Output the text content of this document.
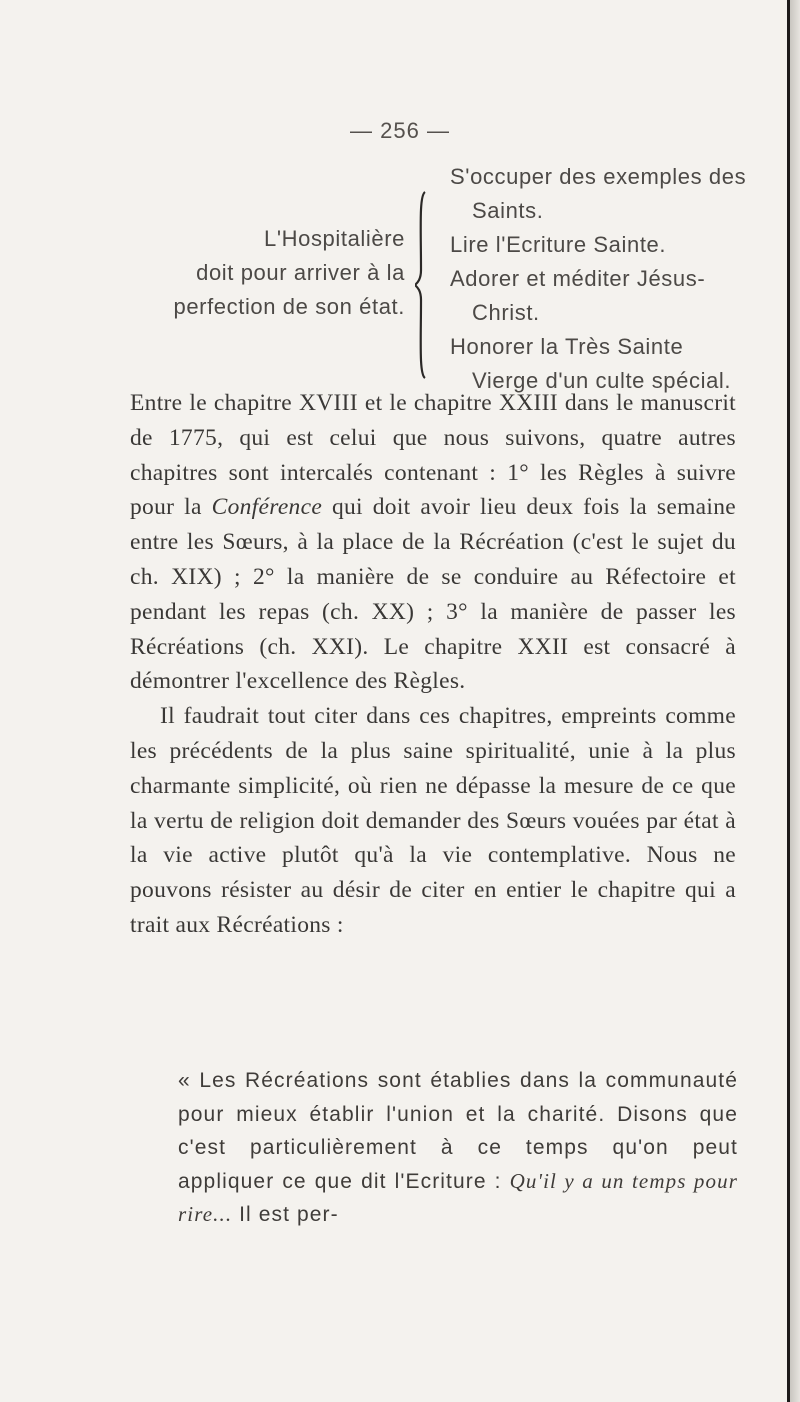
— 256 —
L'Hospitalière
doit pour arriver à la
perfection de son état.
S'occuper des exemples des Saints.
Lire l'Ecriture Sainte.
Adorer et méditer Jésus-Christ.
Honorer la Très Sainte Vierge d'un culte spécial.

Entre le chapitre XVIII et le chapitre XXIII dans le manuscrit de 1775, qui est celui que nous suivons, quatre autres chapitres sont intercalés contenant : 1° les Règles à suivre pour la Conférence qui doit avoir lieu deux fois la semaine entre les Sœurs, à la place de la Récréation (c'est le sujet du ch. XIX) ; 2° la manière de se conduire au Réfectoire et pendant les repas (ch. XX) ; 3° la manière de passer les Récréations (ch. XXI). Le chapitre XXII est consacré à démontrer l'excellence des Règles.

Il faudrait tout citer dans ces chapitres, empreints comme les précédents de la plus saine spiritualité, unie à la plus charmante simplicité, où rien ne dépasse la mesure de ce que la vertu de religion doit demander des Sœurs vouées par état à la vie active plutôt qu'à la vie contemplative. Nous ne pouvons résister au désir de citer en entier le chapitre qui a trait aux Récréations :

« Les Récréations sont établies dans la communauté pour mieux établir l'union et la charité. Disons que c'est particulièrement à ce temps qu'on peut appliquer ce que dit l'Ecriture : Qu'il y a un temps pour rire... Il est per-
